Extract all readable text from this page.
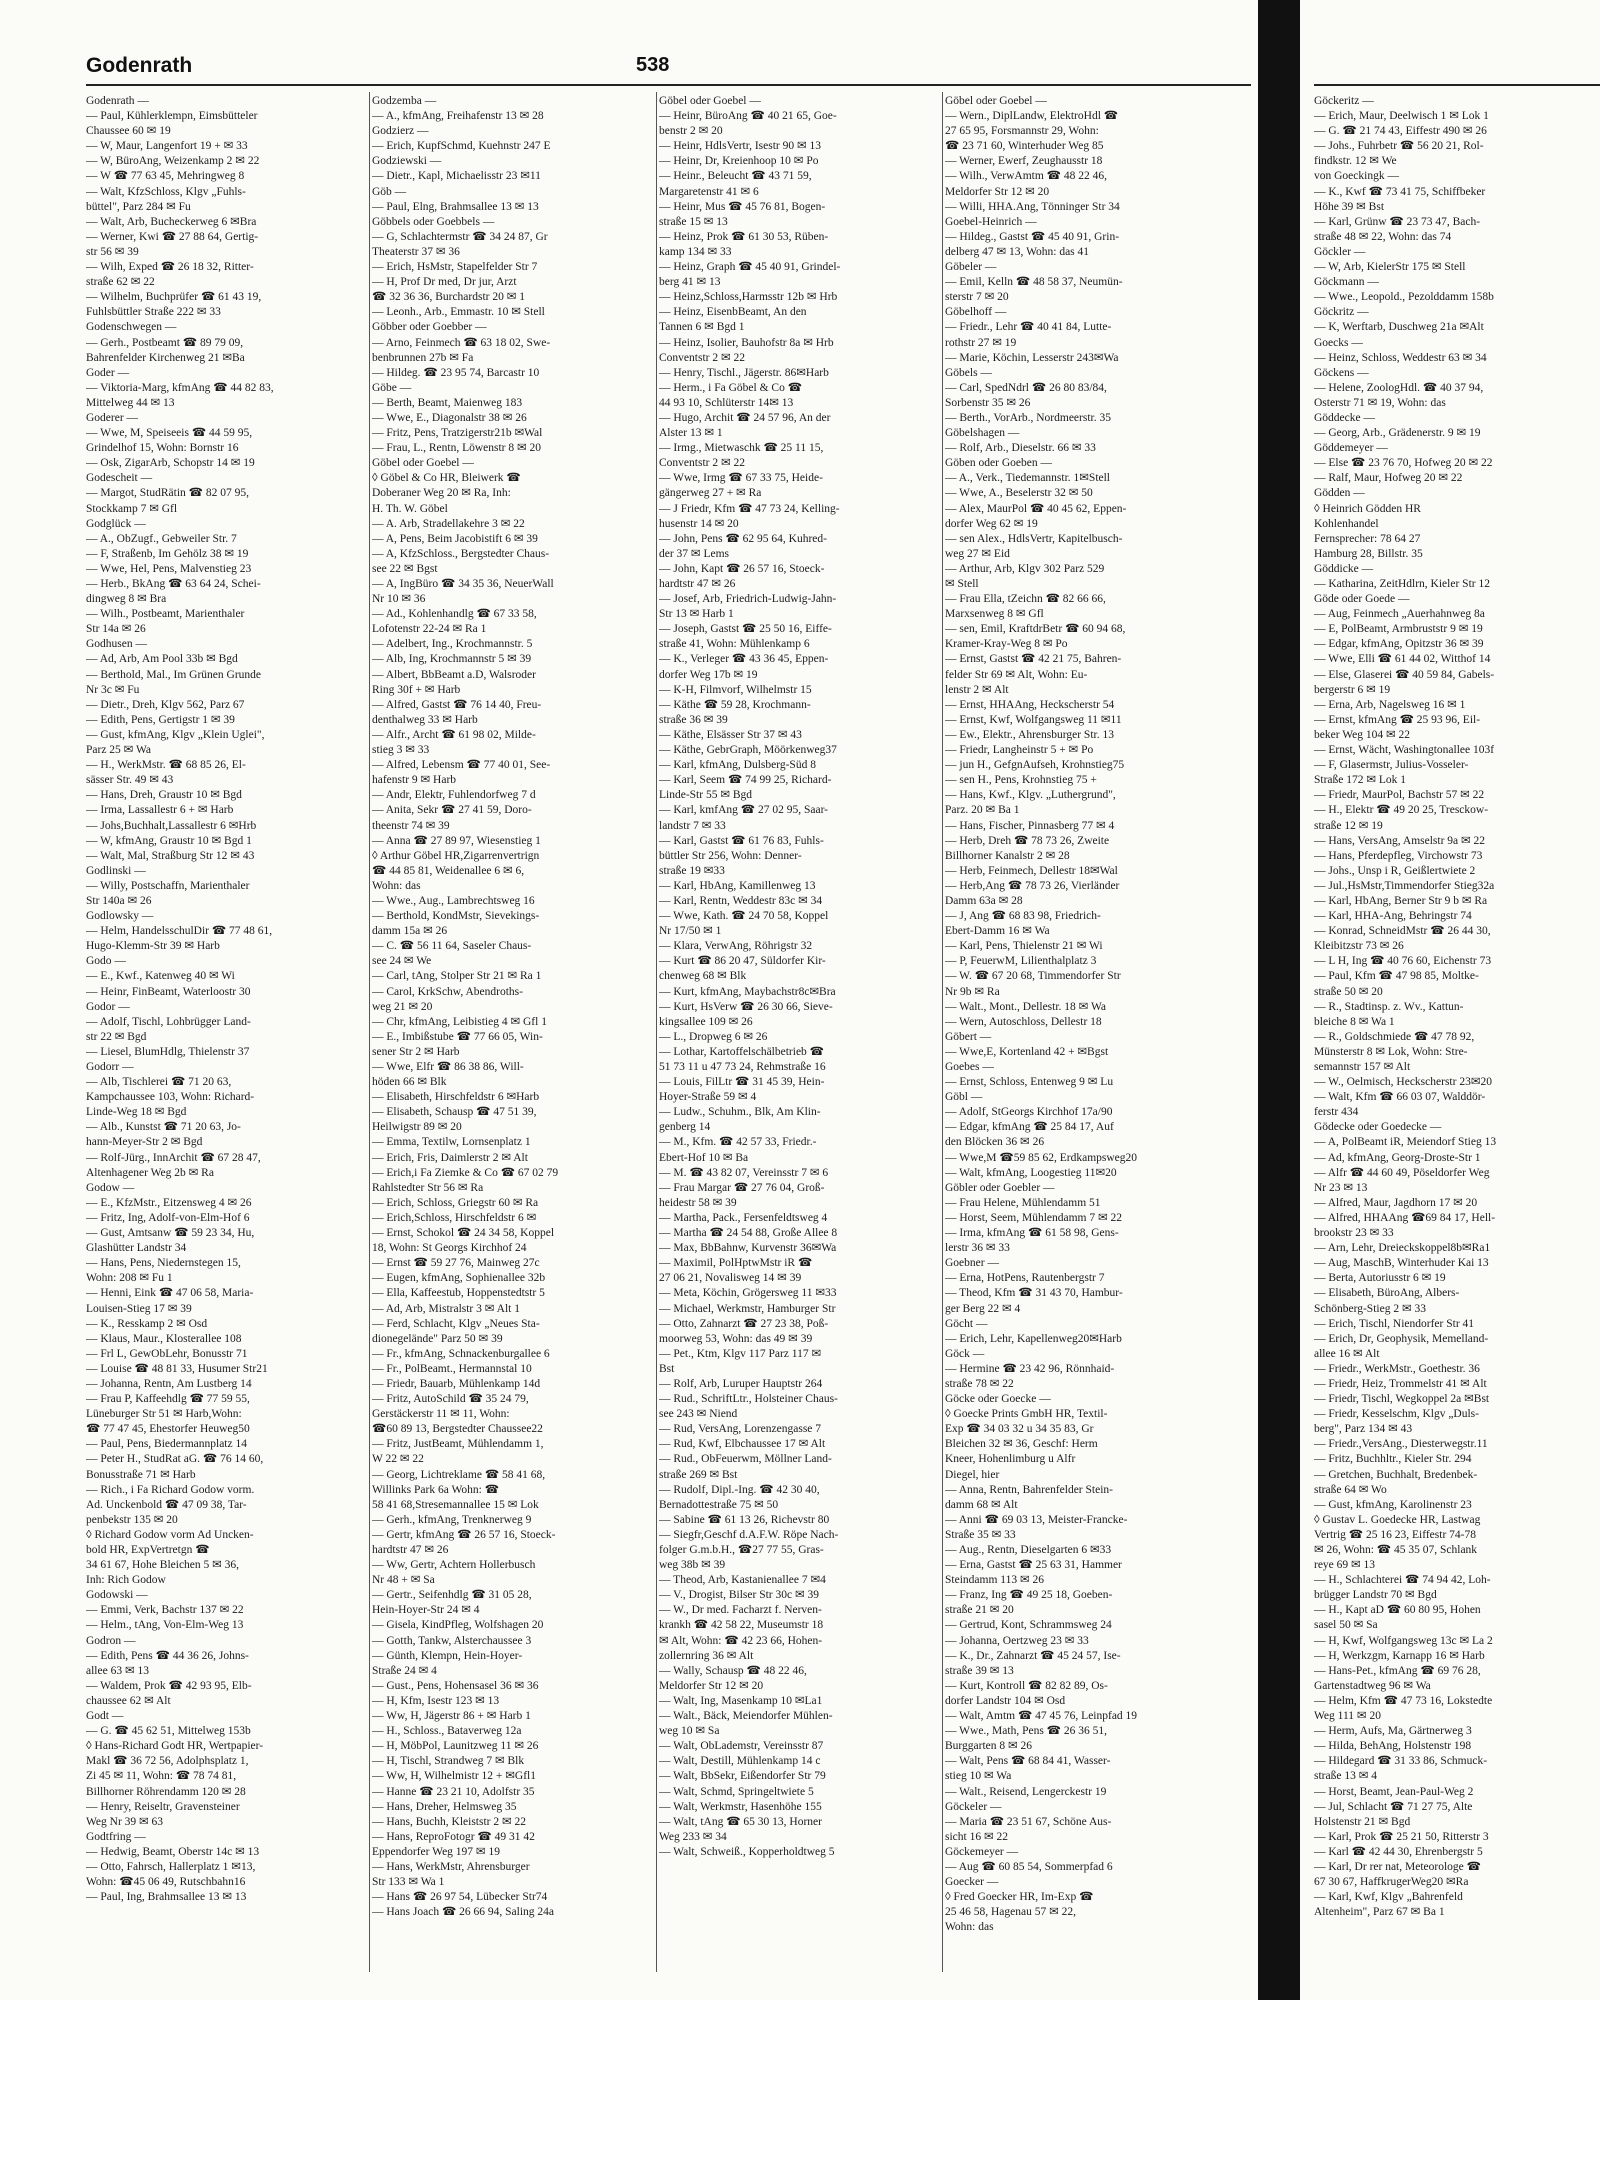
Godenrath	538
Godenrath —
— Paul, Kühlerklempn, Eimsbütteler
Chaussee 60 ✉ 19
— W, Maur, Langenfort 19 + ✉ 33
— W, BüroAng, Weizenkamp 2 ✉ 22
— W ☎ 77 63 45, Mehringweg 8
— Walt, KfzSchloss, Klgv „Fuhls-
büttel", Parz 284 ✉ Fu
— Walt, Arb, Bucheckerweg 6 ✉Bra
— Werner, Kwi ☎ 27 88 64, Gertig-
str 56 ✉ 39
— Wilh, Exped ☎ 26 18 32, Ritter-
straße 62 ✉ 22
— Wilhelm, Buchprüfer ☎ 61 43 19,
Fuhlsbüttler Straße 222 ✉ 33
Godenschwegen —
— Gerh., Postbeamt ☎ 89 79 09,
Bahrenfelder Kirchenweg 21 ✉Ba
Goder —
— Viktoria-Marg, kfmAng ☎ 44 82 83,
Mittelweg 44 ✉ 13
Goderer —
— Wwe, M, Speiseeis ☎ 44 59 95,
Grindelhof 15, Wohn: Bornstr 16
— Osk, ZigarArb, Schopstr 14 ✉ 19
Godescheit —
— Margot, StudRätin ☎ 82 07 95,
Stockkamp 7 ✉ Gfl
Godglück —
— A., ObZugf., Gebweiler Str. 7
— F, Straßenb, Im Gehölz 38 ✉ 19
— Wwe, Hel, Pens, Malvenstieg 23
— Herb., BkAng ☎ 63 64 24, Schei-
dingweg 8 ✉ Bra
— Wilh., Postbeamt, Marienthaler
Str 14a ✉ 26
Godhusen —
— Ad, Arb, Am Pool 33b ✉ Bgd
— Berthold, Mal., Im Grünen Grunde
Nr 3c ✉ Fu
— Dietr., Dreh, Klgv 562, Parz 67
— Edith, Pens, Gertigstr 1 ✉ 39
— Gust, kfmAng, Klgv „Klein Uglei",
Parz 25 ✉ Wa
— H., WerkMstr. ☎ 68 85 26, El-
sässer Str. 49 ✉ 43
— Hans, Dreh, Graustr 10 ✉ Bgd
— Irma, Lassallestr 6 + ✉ Harb
— Johs,Buchhalt,Lassallestr 6 ✉Hrb
— W, kfmAng, Graustr 10 ✉ Bgd 1
— Walt, Mal, Straßburg Str 12 ✉ 43
Godlinski —
— Willy, Postschaffn, Marienthaler
Str 140a ✉ 26
Godlowsky —
— Helm, HandelsschulDir ☎ 77 48 61,
Hugo-Klemm-Str 39 ✉ Harb
Godo —
— E., Kwf., Katenweg 40 ✉ Wi
— Heinr, FinBeamt, Waterloostr 30
Godor —
— Adolf, Tischl, Lohbrügger Land-
str 22 ✉ Bgd
— Liesel, BlumHdlg, Thielenstr 37
Godorr —
— Alb, Tischlerei ☎ 71 20 63,
Kampchaussee 103, Wohn: Richard-
Linde-Weg 18 ✉ Bgd
— Alb., Kunstst ☎ 71 20 63, Jo-
hann-Meyer-Str 2 ✉ Bgd
— Rolf-Jürg., InnArchit ☎ 67 28 47,
Altenhagener Weg 2b ✉ Ra
Godow —
— E., KfzMstr., Eitzensweg 4 ✉ 26
— Fritz, Ing, Adolf-von-Elm-Hof 6
— Gust, Amtsanw ☎ 59 23 34, Hu,
Glashütter Landstr 34
— Hans, Pens, Niedernstegen 15,
Wohn: 208 ✉ Fu 1
— Henni, Eink ☎ 47 06 58, Maria-
Louisen-Stieg 17 ✉ 39
— K., Resskamp 2 ✉ Osd
— Klaus, Maur., Klosterallee 108
— Frl L, GewObLehr, Bonusstr 71
— Louise ☎ 48 81 33, Husumer Str21
— Johanna, Rentn, Am Lustberg 14
— Frau P, Kaffeehdlg ☎ 77 59 55,
Lüneburger Str 51 ✉ Harb,Wohn:
☎ 77 47 45, Ehestorfer Heuweg50
— Paul, Pens, Biedermannplatz 14
— Peter H., StudRat aG. ☎ 76 14 60,
Bonusstraße 71 ✉ Harb
— Rich., i Fa Richard Godow vorm.
Ad. Unckenbold ☎ 47 09 38, Tar-
penbekstr 135 ✉ 20
◊ Richard Godow vorm Ad Uncken-
bold HR, ExpVertretgn ☎
34 61 67, Hohe Bleichen 5 ✉ 36,
Inh: Rich Godow
Godowski —
— Emmi, Verk, Bachstr 137 ✉ 22
— Helm., tAng, Von-Elm-Weg 13
Godron —
— Edith, Pens ☎ 44 36 26, Johns-
allee 63 ✉ 13
— Waldem, Prok ☎ 42 93 95, Elb-
chaussee 62 ✉ Alt
Godt —
— G. ☎ 45 62 51, Mittelweg 153b
◊ Hans-Richard Godt HR, Wertpapier-
Makl ☎ 36 72 56, Adolphsplatz 1,
Zi 45 ✉ 11, Wohn: ☎ 78 74 81,
Billhorner Röhrendamm 120 ✉ 28
— Henry, Reiseltr, Gravensteiner
Weg Nr 39 ✉ 63
Godtfring —
— Hedwig, Beamt, Oberstr 14c ✉ 13
— Otto, Fahrsch, Hallerplatz 1 ✉13,
Wohn: ☎45 06 49, Rutschbahn16
— Paul, Ing, Brahmsallee 13 ✉ 13
Godzemba —
— A., kfmAng, Freihafenstr 13 ✉ 28
Godzierz —
— Erich, KupfSchmd, Kuehnstr 247 E
Godziewski —
— Dietr., Kapl, Michaelisstr 23 ✉11
Göb —
— Paul, Elng, Brahmsallee 13 ✉ 13
Göbbels oder Goebbels —
— G, Schlachtermstr ☎ 34 24 87, Gr
Theaterstr 37 ✉ 36
— Erich, HsMstr, Stapelfelder Str 7
— H, Prof Dr med, Dr jur, Arzt
☎ 32 36 36, Burchardstr 20 ✉ 1
— Leonh., Arb., Emmastr. 10 ✉ Stell
Göbber oder Goebber —
— Arno, Feinmech ☎ 63 18 02, Swe-
benbrunnen 27b ✉ Fa
— Hildeg. ☎ 23 95 74, Barcastr 10
Göbe —
— Berth, Beamt, Maienweg 183
— Wwe, E., Diagonalstr 38 ✉ 26
— Fritz, Pens, Tratzigerstr21b ✉Wal
— Frau, L., Rentn, Löwenstr 8 ✉ 20
Göbel oder Goebel —
◊ Göbel & Co HR, Bleiwerk ☎
Doberaner Weg 20 ✉ Ra, Inh:
H. Th. W. Göbel
— A. Arb, Stradellakehre 3 ✉ 22
— A, Pens, Beim Jacobistift 6 ✉ 39
— A, KfzSchloss., Bergstedter Chaus-
see 22 ✉ Bgst
— A, IngBüro ☎ 34 35 36, NeuerWall
Nr 10 ✉ 36
— Ad., Kohlenhandlg ☎ 67 33 58,
Lofotenstr 22-24 ✉ Ra 1
— Adelbert, Ing., Krochmannstr. 5
— Alb, Ing, Krochmannstr 5 ✉ 39
— Albert, BbBeamt a.D, Walsroder
Ring 30f + ✉ Harb
— Alfred, Gastst ☎ 76 14 40, Freu-
denthalweg 33 ✉ Harb
— Alfr., Archt ☎ 61 98 02, Milde-
stieg 3 ✉ 33
— Alfred, Lebensm ☎ 77 40 01, See-
hafenstr 9 ✉ Harb
— Andr, Elektr, Fuhlendorfweg 7 d
— Anita, Sekr ☎ 27 41 59, Doro-
theenstr 74 ✉ 39
— Anna ☎ 27 89 97, Wiesenstieg 1
◊ Arthur Göbel HR,Zigarrenvertrign
☎ 44 85 81, Weidenallee 6 ✉ 6,
Wohn: das
— Wwe., Aug., Lambrechtsweg 16
— Berthold, KondMstr, Sievekings-
damm 15a ✉ 26
— C. ☎ 56 11 64, Saseler Chaus-
see 24 ✉ We
— Carl, tAng, Stolper Str 21 ✉ Ra 1
— Carol, KrkSchw, Abendroths-
weg 21 ✉ 20
— Chr, kfmAng, Leibistieg 4 ✉ Gfl 1
— E., Imbißstube ☎ 77 66 05, Win-
sener Str 2 ✉ Harb
— Wwe, Elfr ☎ 86 38 86, Will-
höden 66 ✉ Blk
— Elisabeth, Hirschfeldstr 6 ✉Harb
— Elisabeth, Schausp ☎ 47 51 39,
Heilwigstr 89 ✉ 20
— Emma, Textilw, Lornsenplatz 1
— Erich, Fris, Daimlerstr 2 ✉ Alt
— Erich,i Fa Ziemke & Co ☎ 67 02 79
Rahlstedter Str 56 ✉ Ra
— Erich, Schloss, Griegstr 60 ✉ Ra
— Erich,Schloss, Hirschfeldstr 6 ✉
— Ernst, Schokol ☎ 24 34 58, Koppel
18, Wohn: St Georgs Kirchhof 24
— Ernst ☎ 59 27 76, Mainweg 27c
— Eugen, kfmAng, Sophienallee 32b
— Ella, Kaffeestub, Hoppenstedtstr 5
— Ad, Arb, Mistralstr 3 ✉ Alt 1
— Ferd, Schlacht, Klgv „Neues Sta-
dionegelände" Parz 50 ✉ 39
— Fr., kfmAng, Schnackenburgallee 6
— Fr., PolBeamt., Hermannstal 10
— Friedr, Bauarb, Mühlenkamp 14d
— Fritz, AutoSchild ☎ 35 24 79,
Gerstäckerstr 11 ✉ 11, Wohn:
☎60 89 13, Bergstedter Chaussee22
— Fritz, JustBeamt, Mühlendamm 1,
W 22 ✉ 22
— Georg, Lichtreklame ☎ 58 41 68,
Willinks Park 6a Wohn: ☎
58 41 68,Stresemannallee 15 ✉ Lok
— Gerh., kfmAng, Trenknerweg 9
— Gertr, kfmAng ☎ 26 57 16, Stoeck-
hardtstr 47 ✉ 26
— Ww, Gertr, Achtern Hollerbusch
Nr 48 + ✉ Sa
— Gertr., Seifenhdlg ☎ 31 05 28,
Hein-Hoyer-Str 24 ✉ 4
— Gisela, KindPfleg, Wolfshagen 20
— Gotth, Tankw, Alsterchaussee 3
— Günth, Klempn, Hein-Hoyer-
Straße 24 ✉ 4
— Gust., Pens, Hohensasel 36 ✉ 36
— H, Kfm, Isestr 123 ✉ 13
— Ww, H, Jägerstr 86 + ✉ Harb 1
— H., Schloss., Bataverweg 12a
— H, MöbPol, Launitzweg 11 ✉ 26
— H, Tischl, Strandweg 7 ✉ Blk
— Ww, H, Wilhelmistr 12 + ✉Gfl1
— Hanne ☎ 23 21 10, Adolfstr 35
— Hans, Dreher, Helmsweg 35
— Hans, Buchh, Kleiststr 2 ✉ 22
— Hans, ReproFotogr ☎ 49 31 42
Eppendorfer Weg 197 ✉ 19
— Hans, WerkMstr, Ahrensburger
Str 133 ✉ Wa 1
— Hans ☎ 26 97 54, Lübecker Str74
— Hans Joach ☎ 26 66 94, Saling 24a
Göbel oder Goebel —
— Heinr, BüroAng ☎ 40 21 65, Goe-
benstr 2 ✉ 20
— Heinr, HdlsVertr, Isestr 90 ✉ 13
— Heinr, Dr, Kreienhoop 10 ✉ Po
— Heinr., Beleucht ☎ 43 71 59,
Margaretenstr 41 ✉ 6
— Heinr, Mus ☎ 45 76 81, Bogen-
straße 15 ✉ 13
— Heinz, Prok ☎ 61 30 53, Rüben-
kamp 134 ✉ 33
— Heinz, Graph ☎ 45 40 91, Grindel-
berg 41 ✉ 13
— Heinz,Schloss,Harmsstr 12b ✉ Hrb
— Heinz, EisenbBeamt, An den
Tannen 6 ✉ Bgd 1
— Heinz, Isolier, Bauhofstr 8a ✉ Hrb
Conventstr 2 ✉ 22
— Henry, Tischl., Jägerstr. 86✉Harb
— Herm., i Fa Göbel & Co ☎
44 93 10, Schlüterstr 14✉ 13
— Hugo, Archit ☎ 24 57 96, An der
Alster 13 ✉ 1
— Irmg., Mietwaschk ☎ 25 11 15,
Conventstr 2 ✉ 22
— Wwe, Irmg ☎ 67 33 75, Heide-
gängerweg 27 + ✉ Ra
— J Friedr, Kfm ☎ 47 73 24, Kelling-
husenstr 14 ✉ 20
— John, Pens ☎ 62 95 64, Kuhred-
der 37 ✉ Lems
— John, Kapt ☎ 26 57 16, Stoeck-
hardtstr 47 ✉ 26
— Josef, Arb, Friedrich-Ludwig-Jahn-
Str 13 ✉ Harb 1
— Joseph, Gastst ☎ 25 50 16, Eiffe-
straße 41, Wohn: Mühlenkamp 6
— K., Verleger ☎ 43 36 45, Eppen-
dorfer Weg 17b ✉ 19
— K-H, Filmvorf, Wilhelmstr 15
— Käthe ☎ 59 28, Krochmann-
straße 36 ✉ 39
— Käthe, Elsässer Str 37 ✉ 43
— Käthe, GebrGraph, Möörkenweg37
— Karl, kfmAng, Dulsberg-Süd 8
— Karl, Seem ☎ 74 99 25, Richard-
Linde-Str 55 ✉ Bgd
— Karl, kmfAng ☎ 27 02 95, Saar-
landstr 7 ✉ 33
— Karl, Gastst ☎ 61 76 83, Fuhls-
büttler Str 256, Wohn: Denner-
straße 19 ✉33
— Karl, HbAng, Kamillenweg 13
— Karl, Rentn, Weddestr 83c ✉ 34
— Wwe, Kath. ☎ 24 70 58, Koppel
Nr 17/50 ✉ 1
— Klara, VerwAng, Röhrigstr 32
— Kurt ☎ 86 20 47, Süldorfer Kir-
chenweg 68 ✉ Blk
— Kurt, kfmAng, Maybachstr8c✉Bra
— Kurt, HsVerw ☎ 26 30 66, Sieve-
kingsallee 109 ✉ 26
— L., Dropweg 6 ✉ 26
— Lothar, Kartoffelschälbetrieb ☎
51 73 11 u 47 73 24, Rehmstraße 16
— Louis, FilLtr ☎ 31 45 39, Hein-
Hoyer-Straße 59 ✉ 4
— Ludw., Schuhm., Blk, Am Klin-
genberg 14
— M., Kfm. ☎ 42 57 33, Friedr.-
Ebert-Hof 10 ✉ Ba
— M. ☎ 43 82 07, Vereinsstr 7 ✉ 6
— Frau Margar ☎ 27 76 04, Groß-
heidestr 58 ✉ 39
— Martha, Pack., Fersenfeldtsweg 4
— Martha ☎ 24 54 88, Große Allee 8
— Max, BbBahnw, Kurvenstr 36✉Wa
— Maximil, PolHptwMstr iR ☎
27 06 21, Novalisweg 14 ✉ 39
— Meta, Köchin, Grögersweg 11 ✉33
— Michael, Werkmstr, Hamburger Str
— Otto, Zahnarzt ☎ 27 23 38, Poß-
moorweg 53, Wohn: das 49 ✉ 39
— Pet., Ktm, Klgv 117 Parz 117 ✉
Bst
— Rolf, Arb, Luruper Hauptstr 264
— Rud., SchriftLtr., Holsteiner Chaus-
see 243 ✉ Niend
— Rud, VersAng, Lorenzengasse 7
— Rud, Kwf, Elbchaussee 17 ✉ Alt
— Rud., ObFeuerwm, Möllner Land-
straße 269 ✉ Bst
— Rudolf, Dipl.-Ing. ☎ 42 30 40,
Bernadottestraße 75 ✉ 50
— Sabine ☎ 61 13 26, Richevstr 80
— Siegfr,Geschf d.A.F.W. Röpe Nach-
folger G.m.b.H., ☎27 77 55, Gras-
weg 38b ✉ 39
— Theod, Arb, Kastanienallee 7 ✉4
— V., Drogist, Bilser Str 30c ✉ 39
— W., Dr med. Facharzt f. Nerven-
krankh ☎ 42 58 22, Museumstr 18
✉ Alt, Wohn: ☎ 42 23 66, Hohen-
zollernring 36 ✉ Alt
— Wally, Schausp ☎ 48 22 46,
Meldorfer Str 12 ✉ 20
— Walt, Ing, Masenkamp 10 ✉La1
— Walt., Bäck, Meiendorfer Mühlen-
weg 10 ✉ Sa
— Walt, ObLademstr, Vereinsstr 87
— Walt, Destill, Mühlenkamp 14 c
— Walt, BbSekr, Eißendorfer Str 79
— Walt, Schmd, Springeltwiete 5
— Walt, Werkmstr, Hasenhöhe 155
— Walt, tAng ☎ 65 30 13, Horner
Weg 233 ✉ 34
— Walt, Schweiß., Kopperholdtweg 5
Göbel oder Goebel —
— Wern., DiplLandw, ElektroHdl ☎
27 65 95, Forsmannstr 29, Wohn:
☎ 23 71 60, Winterhuder Weg 85
— Werner, Ewerf, Zeughausstr 18
— Wilh., VerwAmtm ☎ 48 22 46,
Meldorfer Str 12 ✉ 20
— Willi, HHA.Ang, Tönninger Str 34
Goebel-Heinrich —
— Hildeg., Gastst ☎ 45 40 91, Grin-
delberg 47 ✉ 13, Wohn: das 41
Göbeler —
— Emil, Kelln ☎ 48 58 37, Neumün-
sterstr 7 ✉ 20
Göbelhoff —
— Friedr., Lehr ☎ 40 41 84, Lutte-
rothstr 27 ✉ 19
— Marie, Köchin, Lesserstr 243✉Wa
Göbels —
— Carl, SpedNdrl ☎ 26 80 83/84,
Sorbenstr 35 ✉ 26
— Berth., VorArb., Nordmeerstr. 35
Göbelshagen —
— Rolf, Arb., Dieselstr. 66 ✉ 33
Göben oder Goeben —
— A., Verk., Tiedemannstr. 1✉Stell
— Wwe, A., Beselerstr 32 ✉ 50
— Alex, MaurPol ☎ 40 45 62, Eppen-
dorfer Weg 62 ✉ 19
— sen Alex., HdlsVertr, Kapitelbusch-
weg 27 ✉ Eid
— Arthur, Arb, Klgv 302 Parz 529
✉ Stell
— Frau Ella, tZeichn ☎ 82 66 66,
Marxsenweg 8 ✉ Gfl
— sen, Emil, KraftdrBetr ☎ 60 94 68,
Kramer-Kray-Weg 8 ✉ Po
— Ernst, Gastst ☎ 42 21 75, Bahren-
felder Str 69 ✉ Alt, Wohn: Eu-
lenstr 2 ✉ Alt
— Ernst, HHAAng, Heckscherstr 54
— Ernst, Kwf, Wolfgangsweg 11 ✉11
— Ew., Elektr., Ahrensburger Str. 13
— Friedr, Langheinstr 5 + ✉ Po
— jun H., GefgnAufseh, Krohnstieg75
— sen H., Pens, Krohnstieg 75 +
— Hans, Kwf., Klgv. „Luthergrund",
Parz. 20 ✉ Ba 1
— Hans, Fischer, Pinnasberg 77 ✉ 4
— Herb, Dreh ☎ 78 73 26, Zweite
Billhorner Kanalstr 2 ✉ 28
— Herb, Feinmech, Dellestr 18✉Wal
— Herb,Ang ☎ 78 73 26, Vierländer
Damm 63a ✉ 28
— J, Ang ☎ 68 83 98, Friedrich-
Ebert-Damm 16 ✉ Wa
— Karl, Pens, Thielenstr 21 ✉ Wi
— P, FeuerwM, Lilienthalplatz 3
— W. ☎ 67 20 68, Timmendorfer Str
Nr 9b ✉ Ra
— Walt., Mont., Dellestr. 18 ✉ Wa
— Wern, Autoschloss, Dellestr 18
Göbert —
— Wwe,E, Kortenland 42 + ✉Bgst
Goebes —
— Ernst, Schloss, Entenweg 9 ✉ Lu
Göbl —
— Adolf, StGeorgs Kirchhof 17a/90
— Edgar, kfmAng ☎ 25 84 17, Auf
den Blöcken 36 ✉ 26
— Wwe,M ☎59 85 62, Erdkampsweg20
— Walt, kfmAng, Loogestieg 11✉20
Göbler oder Goebler —
— Frau Helene, Mühlendamm 51
— Horst, Seem, Mühlendamm 7 ✉ 22
— Irma, kfmAng ☎ 61 58 98, Gens-
lerstr 36 ✉ 33
Goebner —
— Erna, HotPens, Rautenbergstr 7
— Theod, Kfm ☎ 31 43 70, Hambur-
ger Berg 22 ✉ 4
Göcht —
— Erich, Lehr, Kapellenweg20✉Harb
Göck —
— Hermine ☎ 23 42 96, Rönnhaid-
straße 78 ✉ 22
Göcke oder Goecke —
◊ Goecke Prints GmbH HR, Textil-
Exp ☎ 34 03 32 u 34 35 83, Gr
Bleichen 32 ✉ 36, Geschf: Herm
Kneer, Hohenlimburg u Alfr
Diegel, hier
— Anna, Rentn, Bahrenfelder Stein-
damm 68 ✉ Alt
— Anni ☎ 69 03 13, Meister-Francke-
Straße 35 ✉ 33
— Aug., Rentn, Dieselgarten 6 ✉33
— Erna, Gastst ☎ 25 63 31, Hammer
Steindamm 113 ✉ 26
— Franz, Ing ☎ 49 25 18, Goeben-
straße 21 ✉ 20
— Gertrud, Kont, Schrammsweg 24
— Johanna, Oertzweg 23 ✉ 33
— K., Dr., Zahnarzt ☎ 45 24 57, Ise-
straße 39 ✉ 13
— Kurt, Kontroll ☎ 82 82 89, Os-
dorfer Landstr 104 ✉ Osd
— Walt, Amtm ☎ 47 45 76, Leinpfad 19
— Wwe., Math, Pens ☎ 26 36 51,
Burggarten 8 ✉ 26
— Walt, Pens ☎ 68 84 41, Wasser-
stieg 10 ✉ Wa
— Walt., Reisend, Lengerckestr 19
Göckeler —
— Maria ☎ 23 51 67, Schöne Aus-
sicht 16 ✉ 22
Göckemeyer —
— Aug ☎ 60 85 54, Sommerpfad 6
Goecker —
◊ Fred Goecker HR, Im-Exp ☎
25 46 58, Hagenau 57 ✉ 22,
Wohn: das
Göckeritz —
— Erich, Maur, Deelwisch 1 ✉ Lok 1
— G. ☎ 21 74 43, Eiffestr 490 ✉ 26
— Johs., Fuhrbetr ☎ 56 20 21, Rol-
findkstr. 12 ✉ We
von Goeckingk —
— K., Kwf ☎ 73 41 75, Schiffbeker
Höhe 39 ✉ Bst
— Karl, Grünw ☎ 23 73 47, Bach-
straße 48 ✉ 22, Wohn: das 74
Göckler —
— W, Arb, KielerStr 175 ✉ Stell
Göckmann —
— Wwe., Leopold., Pezolddamm 158b
Göckritz —
— K, Werftarb, Duschweg 21a ✉Alt
Goecks —
— Heinz, Schloss, Weddestr 63 ✉ 34
Göckens —
— Helene, ZoologHdl. ☎ 40 37 94,
Osterstr 71 ✉ 19, Wohn: das
Göddecke —
— Georg, Arb., Grädenerstr. 9 ✉ 19
Göddemeyer —
— Else ☎ 23 76 70, Hofweg 20 ✉ 22
— Ralf, Maur, Hofweg 20 ✉ 22
Gödden —
◊ Heinrich Gödden HR
Kohlenhandel
Fernsprecher: 78 64 27
Hamburg 28, Billstr. 35
Göddicke —
— Katharina, ZeitHdlrn, Kieler Str 12
Göde oder Goede —
— Aug, Feinmech „Auerhahnweg 8a
— E, PolBeamt, Armbruststr 9 ✉ 19
— Edgar, kfmAng, Opitzstr 36 ✉ 39
— Wwe, Elli ☎ 61 44 02, Witthof 14
— Else, Glaserei ☎ 40 59 84, Gabels-
bergerstr 6 ✉ 19
— Erna, Arb, Nagelsweg 16 ✉ 1
— Ernst, kfmAng ☎ 25 93 96, Eil-
beker Weg 104 ✉ 22
— Ernst, Wächt, Washingtonallee 103f
— F, Glasermstr, Julius-Vosseler-
Straße 172 ✉ Lok 1
— Friedr, MaurPol, Bachstr 57 ✉ 22
— H., Elektr ☎ 49 20 25, Tresckow-
straße 12 ✉ 19
— Hans, VersAng, Amselstr 9a ✉ 22
— Hans, Pferdepfleg, Virchowstr 73
— Johs., Unsp i R, Geißlertwiete 2
— Jul.,HsMstr,Timmendorfer Stieg32a
— Karl, HbAng, Berner Str 9 b ✉ Ra
— Karl, HHA-Ang, Behringstr 74
— Konrad, SchneidMstr ☎ 26 44 30,
Kleibitzstr 73 ✉ 26
— L H, Ing ☎ 40 76 60, Eichenstr 73
— Paul, Kfm ☎ 47 98 85, Moltke-
straße 50 ✉ 20
— R., Stadtinsp. z. Wv., Kattun-
bleiche 8 ✉ Wa 1
— R., Goldschmiede ☎ 47 78 92,
Münsterstr 8 ✉ Lok, Wohn: Stre-
semannstr 157 ✉ Alt
— W., Oelmisch, Heckscherstr 23✉20
— Walt, Kfm ☎ 66 03 07, Walddör-
ferstr 434
Gödecke oder Goedecke —
— A, PolBeamt iR, Meiendorf Stieg 13
— Ad, kfmAng, Georg-Droste-Str 1
— Alfr ☎ 44 60 49, Pöseldorfer Weg
Nr 23 ✉ 13
— Alfred, Maur, Jagdhorn 17 ✉ 20
— Alfred, HHAAng ☎69 84 17, Hell-
brookstr 23 ✉ 33
— Arn, Lehr, Dreieckskoppel8b✉Ra1
— Aug, MaschB, Winterhuder Kai 13
— Berta, Autoriusstr 6 ✉ 19
— Elisabeth, BüroAng, Albers-
Schönberg-Stieg 2 ✉ 33
— Erich, Tischl, Niendorfer Str 41
— Erich, Dr, Geophysik, Memelland-
allee 16 ✉ Alt
— Friedr., WerkMstr., Goethestr. 36
— Friedr, Heiz, Trommelstr 41 ✉ Alt
— Friedr, Tischl, Wegkoppel 2a ✉Bst
— Friedr, Kesselschm, Klgv „Duls-
berg", Parz 134 ✉ 43
— Friedr.,VersAng., Diesterwegstr.11
— Fritz, Buchhltr., Kieler Str. 294
— Gretchen, Buchhalt, Bredenbek-
straße 64 ✉ Wo
— Gust, kfmAng, Karolinenstr 23
◊ Gustav L. Goedecke HR, Lastwag
Vertrig ☎ 25 16 23, Eiffestr 74-78
✉ 26, Wohn: ☎ 45 35 07, Schlank
reye 69 ✉ 13
— H., Schlachterei ☎ 74 94 42, Loh-
brügger Landstr 70 ✉ Bgd
— H., Kapt aD ☎ 60 80 95, Hohen
sasel 50 ✉ Sa
— H, Kwf, Wolfgangsweg 13c ✉ La 2
— H, Werkzgm, Karnapp 16 ✉ Harb
— Hans-Pet., kfmAng ☎ 69 76 28,
Gartenstadtweg 96 ✉ Wa
— Helm, Kfm ☎ 47 73 16, Lokstedte
Weg 111 ✉ 20
— Herm, Aufs, Ma, Gärtnerweg 3
— Hilda, BehAng, Holstenstr 198
— Hildegard ☎ 31 33 86, Schmuck-
straße 13 ✉ 4
— Horst, Beamt, Jean-Paul-Weg 2
— Jul, Schlacht ☎ 71 27 75, Alte
Holstenstr 21 ✉ Bgd
— Karl, Prok ☎ 25 21 50, Ritterstr 3
— Karl ☎ 42 44 30, Ehrenbergstr 5
— Karl, Dr rer nat, Meteorologe ☎
67 30 67, HaffkrugerWeg20 ✉Ra
— Karl, Kwf, Klgv „Bahrenfeld
Altenheim", Parz 67 ✉ Ba 1
